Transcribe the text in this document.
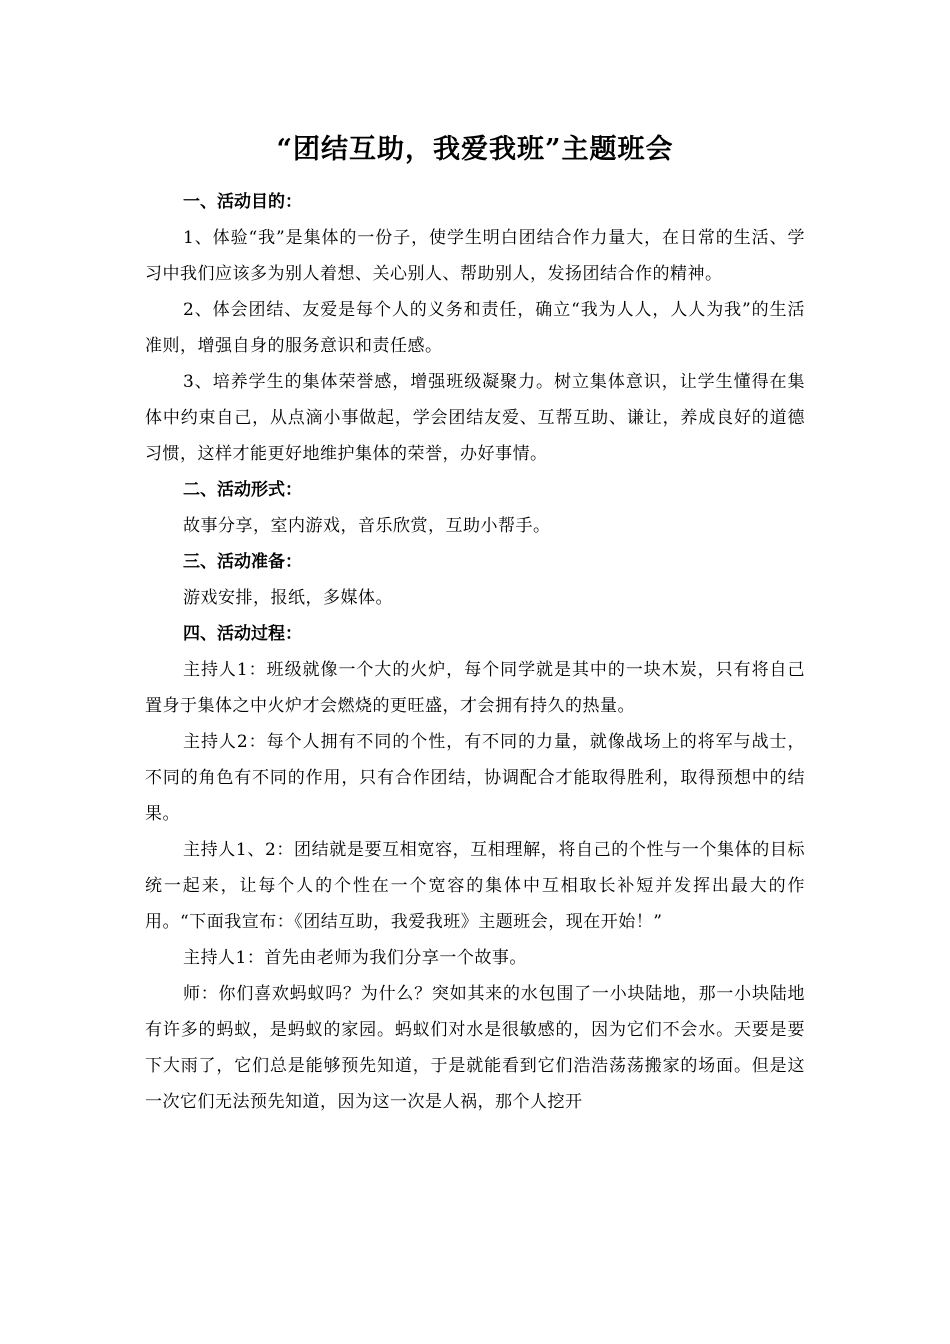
“团结互助，我爱我班”主题班会

一、活动目的：

1、体验“我”是集体的一份子，使学生明白团结合作力量大，在日常的生活、学习中我们应该多为别人着想、关心别人、帮助别人，发扬团结合作的精神。

2、体会团结、友爱是每个人的义务和责任，确立“我为人人，人人为我”的生活准则，增强自身的服务意识和责任感。

3、培养学生的集体荣誉感，增强班级凝聚力。树立集体意识，让学生懂得在集体中约束自己，从点滴小事做起，学会团结友爱、互帮互助、谦让，养成良好的道德习惯，这样才能更好地维护集体的荣誉，办好事情。

二、活动形式：

故事分享，室内游戏，音乐欣赏，互助小帮手。

三、活动准备：

游戏安排，报纸，多媒体。

四、活动过程：

主持人1：班级就像一个大的火炉，每个同学就是其中的一块木炭，只有将自己置身于集体之中火炉才会燃烧的更旺盛，才会拥有持久的热量。

主持人2：每个人拥有不同的个性，有不同的力量，就像战场上的将军与战士，不同的角色有不同的作用，只有合作团结，协调配合才能取得胜利，取得预想中的结果。

主持人1、2：团结就是要互相宽容，互相理解，将自己的个性与一个集体的目标统一起来，让每个人的个性在一个宽容的集体中互相取长补短并发挥出最大的作用。“下面我宣布：《团结互助，我爱我班》主题班会，现在开始！”

主持人1：首先由老师为我们分享一个故事。

师：你们喜欢蚂蚁吗？为什么？突如其来的水包围了一小块陆地，那一小块陆地有许多的蚂蚁，是蚂蚁的家园。蚂蚁们对水是很敏感的，因为它们不会水。天要是要下大雨了，它们总是能够预先知道，于是就能看到它们浩浩荡荡搬家的场面。但是这一次它们无法预先知道，因为这一次是人祸，那个人挖开
